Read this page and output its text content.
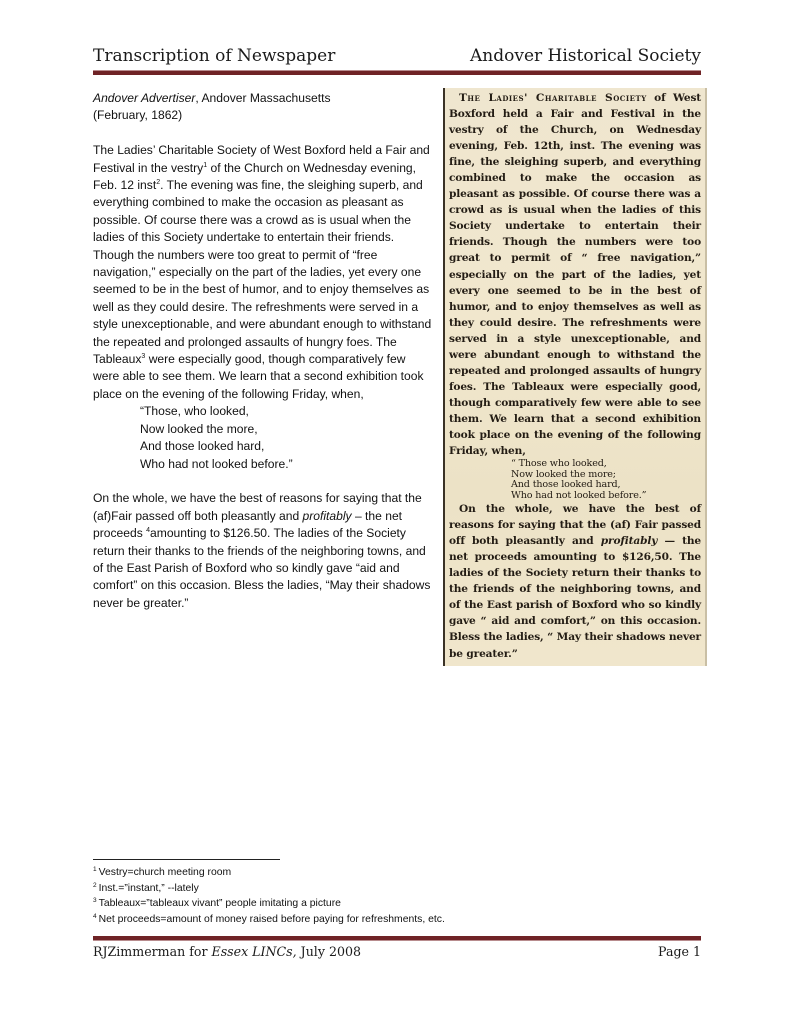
Transcription of Newspaper	Andover Historical Society

Andover Advertiser, Andover Massachusetts

(February, 1862)

The Ladies’ Charitable Society of West Boxford held a Fair and Festival in the vestry$^1$ of the Church on Wednesday evening, Feb. 12 inst$^2$. The evening was fine, the sleighing superb, and everything combined to make the occasion as pleasant as possible. Of course there was a crowd as is usual when the ladies of this Society undertake to entertain their friends. Though the numbers were too great to permit of “free navigation,” especially on the part of the ladies, yet every one seemed to be in the best of humor, and to enjoy themselves as well as they could desire. The refreshments were served in a style unexceptionable, and were abundant enough to withstand the repeated and prolonged assaults of hungry foes. The Tableaux$^3$ were especially good, though comparatively few were able to see them. We learn that a second exhibition took place on the evening of the following Friday, when,

“Those, who looked,

Now looked the more,

And those looked hard,

Who had not looked before.”

On the whole, we have the best of reasons for saying that the (af)Fair passed off both pleasantly and profitably – the net proceeds $^4$amounting to $126.50. The ladies of the Society return their thanks to the friends of the neighboring towns, and of the East Parish of Boxford who so kindly gave “aid and comfort” on this occasion. Bless the ladies, “May their shadows never be greater.”

The Ladies' Charitable Society of West Boxford held a Fair and Festival in the vestry of the Church, on Wednesday evening, Feb. 12th, inst. The evening was fine, the sleighing superb, and everything combined to make the occasion as pleasant as possible. Of course there was a crowd as is usual when the ladies of this Society undertake to entertain their friends. Though the numbers were too great to permit of “ free navigation,” especially on the part of the ladies, yet every one seemed to be in the best of humor, and to enjoy themselves as well as they could desire. The refreshments were served in a style unexceptionable, and were abundant enough to withstand the repeated and prolonged assaults of hungry foes. The Tableaux were especially good, though comparatively few were able to see them. We learn that a second exhibition took place on the evening of the following Friday, when,

“ Those who looked,

Now looked the more;

And those looked hard,

Who had not looked before.”

On the whole, we have the best of reasons for saying that the (af) Fair passed off both pleasantly and profitably — the net proceeds amounting to $126,50. The ladies of the Society return their thanks to the friends of the neighboring towns, and of the East parish of Boxford who so kindly gave “ aid and comfort,” on this occasion. Bless the ladies, “ May their shadows never be greater.”

$^1$ Vestry=church meeting room
$^2$ Inst.=”instant,” --lately
$^3$ Tableaux=”tableaux vivant” people imitating a picture
$^4$ Net proceeds=amount of money raised before paying for refreshments, etc.
RJZimmerman for Essex LINCs, July 2008	Page 1
